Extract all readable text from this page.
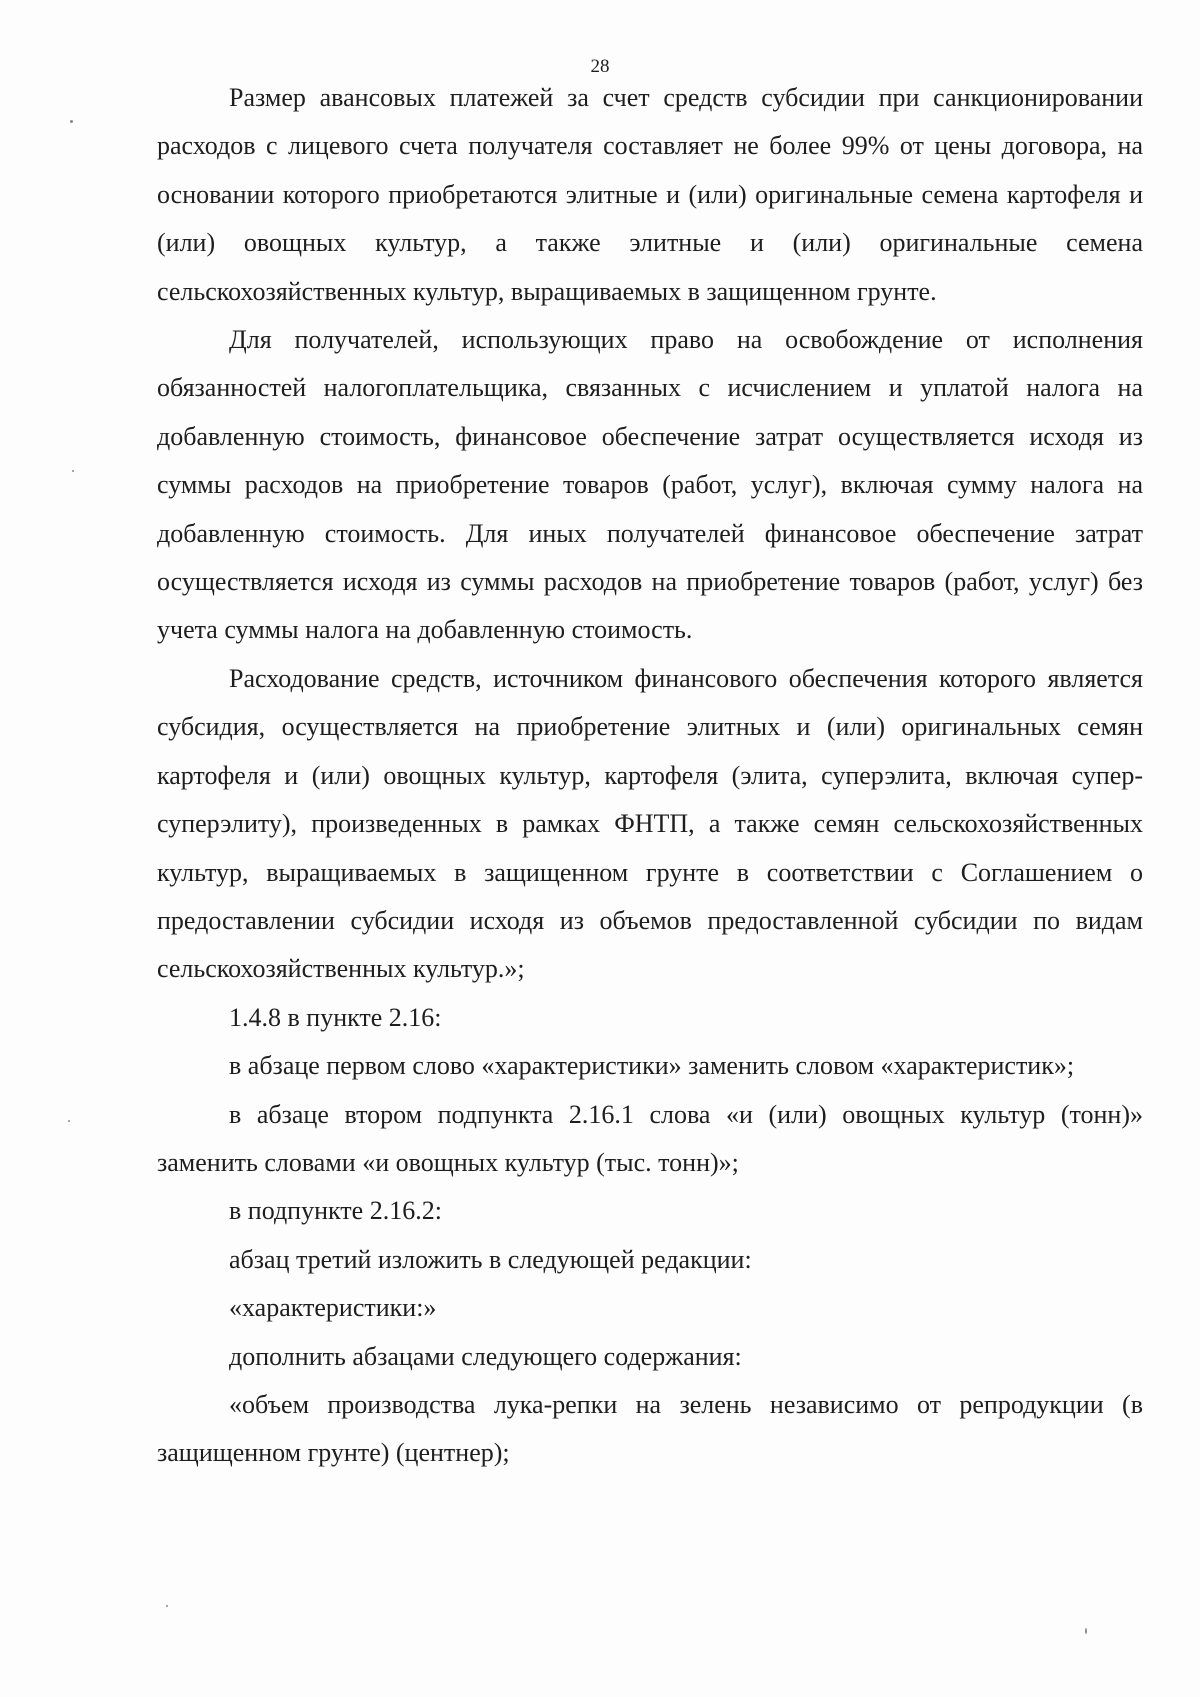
28

Размер авансовых платежей за счет средств субсидии при санкционировании расходов с лицевого счета получателя составляет не более 99% от цены договора, на основании которого приобретаются элитные и (или) оригинальные семена картофеля и (или) овощных культур, а также элитные и (или) оригинальные семена сельскохозяйственных культур, выращиваемых в защищенном грунте.

Для получателей, использующих право на освобождение от исполнения обязанностей налогоплательщика, связанных с исчислением и уплатой налога на добавленную стоимость, финансовое обеспечение затрат осуществляется исходя из суммы расходов на приобретение товаров (работ, услуг), включая сумму налога на добавленную стоимость. Для иных получателей финансовое обеспечение затрат осуществляется исходя из суммы расходов на приобретение товаров (работ, услуг) без учета суммы налога на добавленную стоимость.

Расходование средств, источником финансового обеспечения которого является субсидия, осуществляется на приобретение элитных и (или) оригинальных семян картофеля и (или) овощных культур, картофеля (элита, суперэлита, включая супер-суперэлиту), произведенных в рамках ФНТП, а также семян сельскохозяйственных культур, выращиваемых в защищенном грунте в соответствии с Соглашением о предоставлении субсидии исходя из объемов предоставленной субсидии по видам сельскохозяйственных культур.»;

1.4.8 в пункте 2.16:

в абзаце первом слово «характеристики» заменить словом «характеристик»;

в абзаце втором подпункта 2.16.1 слова «и (или) овощных культур (тонн)» заменить словами «и овощных культур (тыс. тонн)»;

в подпункте 2.16.2:

абзац третий изложить в следующей редакции:

«характеристики:»

дополнить абзацами следующего содержания:

«объем производства лука-репки на зелень независимо от репродукции (в защищенном грунте) (центнер);
